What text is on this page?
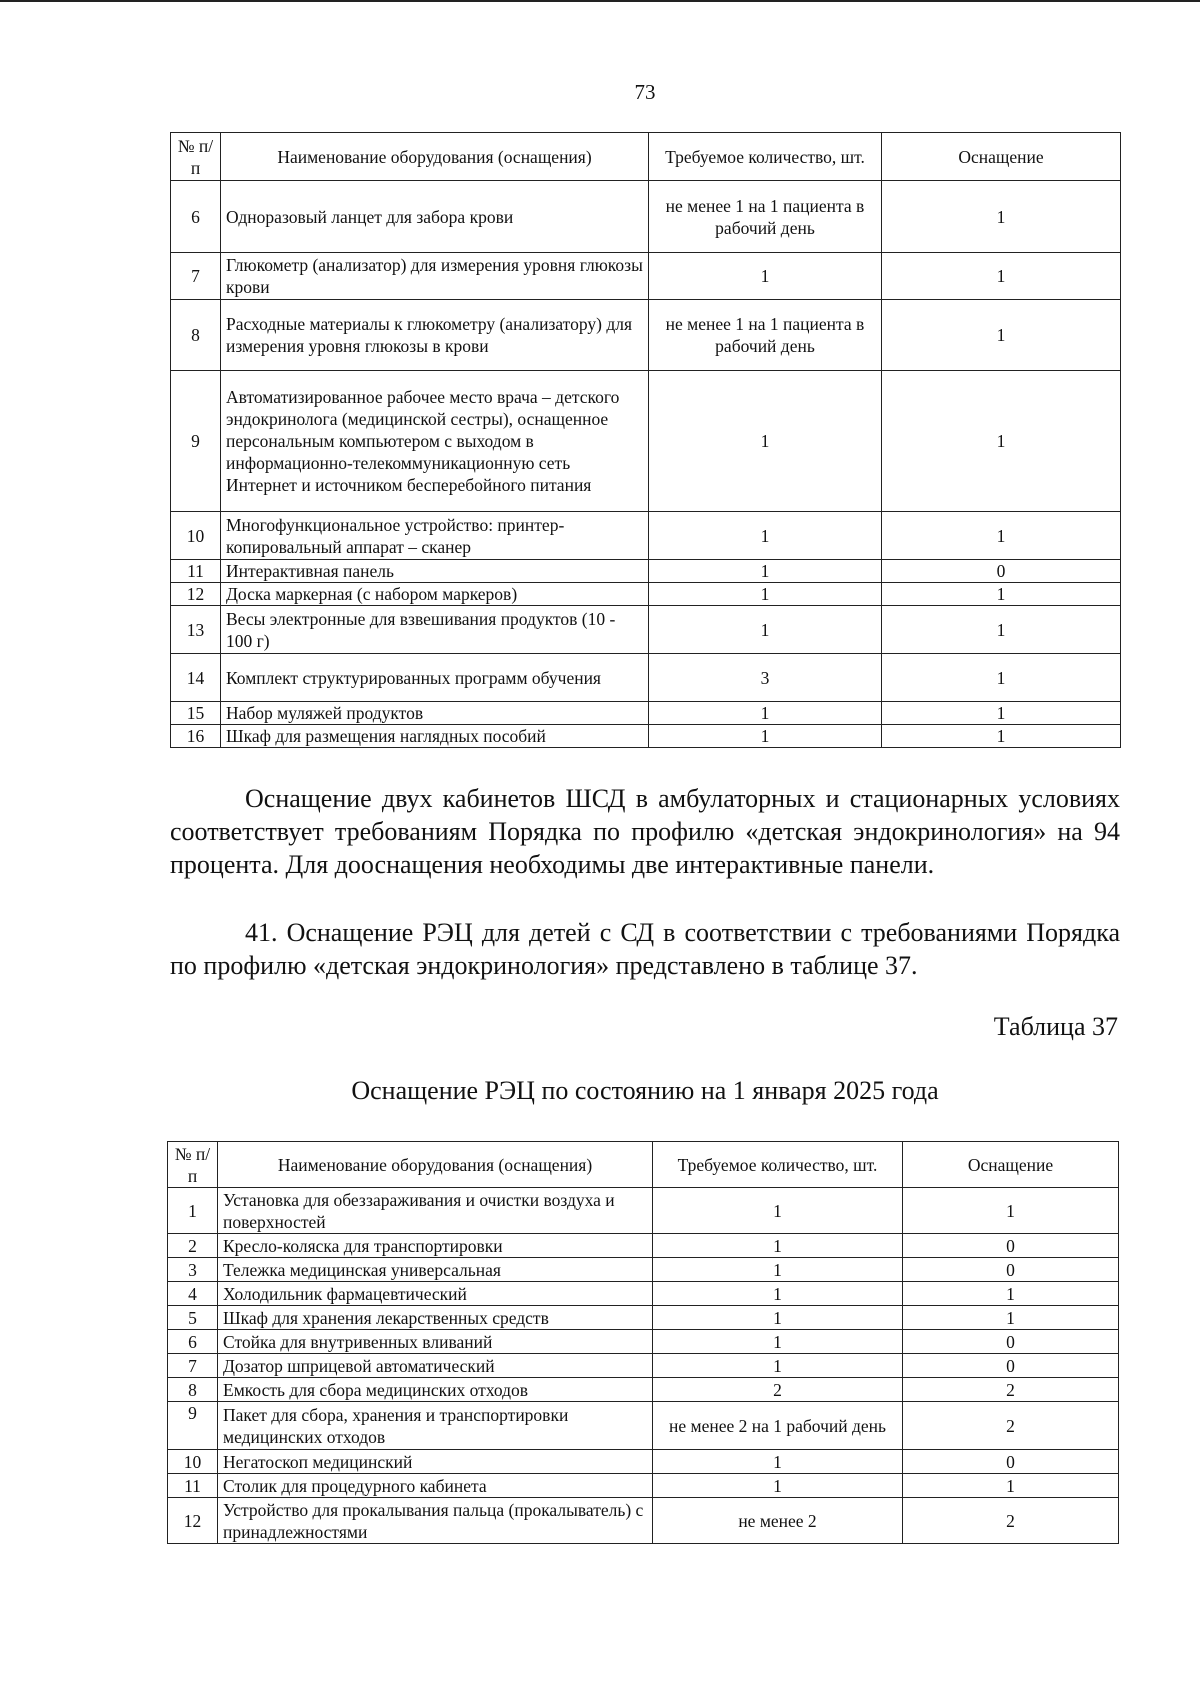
73
№ п/п	Наименование оборудования (оснащения)	Требуемое количество, шт.	Оснащение
6	Одноразовый ланцет для забора крови	не менее 1 на 1 пациента в рабочий день	1
7	Глюкометр (анализатор) для измерения уровня глюкозы крови	1	1
8	Расходные материалы к глюкометру (анализатору) для измерения уровня глюкозы в крови	не менее 1 на 1 пациента в рабочий день	1
9	Автоматизированное рабочее место врача – детского эндокринолога (медицинской сестры), оснащенное персональным компьютером с выходом в информационно-телекоммуникационную сеть Интернет и источником бесперебойного питания	1	1
10	Многофункциональное устройство: принтер-копировальный аппарат – сканер	1	1
11	Интерактивная панель	1	0
12	Доска маркерная (с набором маркеров)	1	1
13	Весы электронные для взвешивания продуктов (10 - 100 г)	1	1
14	Комплект структурированных программ обучения	3	1
15	Набор муляжей продуктов	1	1
16	Шкаф для размещения наглядных пособий	1	1

Оснащение двух кабинетов ШСД в амбулаторных и стационарных условиях соответствует требованиям Порядка по профилю «детская эндокринология» на 94 процента. Для дооснащения необходимы две интерактивные панели.

41. Оснащение РЭЦ для детей с СД в соответствии с требованиями Порядка по профилю «детская эндокринология» представлено в таблице 37.

Таблица 37
Оснащение РЭЦ по состоянию на 1 января 2025 года
№ п/п	Наименование оборудования (оснащения)	Требуемое количество, шт.	Оснащение
1	Установка для обеззараживания и очистки воздуха и поверхностей	1	1
2	Кресло-коляска для транспортировки	1	0
3	Тележка медицинская универсальная	1	0
4	Холодильник фармацевтический	1	1
5	Шкаф для хранения лекарственных средств	1	1
6	Стойка для внутривенных вливаний	1	0
7	Дозатор шприцевой автоматический	1	0
8	Емкость для сбора медицинских отходов	2	2
9	Пакет для сбора, хранения и транспортировки медицинских отходов	не менее 2 на 1 рабочий день	2
10	Негатоскоп медицинский	1	0
11	Столик для процедурного кабинета	1	1
12	Устройство для прокалывания пальца (прокалыватель) с принадлежностями	не менее 2	2
